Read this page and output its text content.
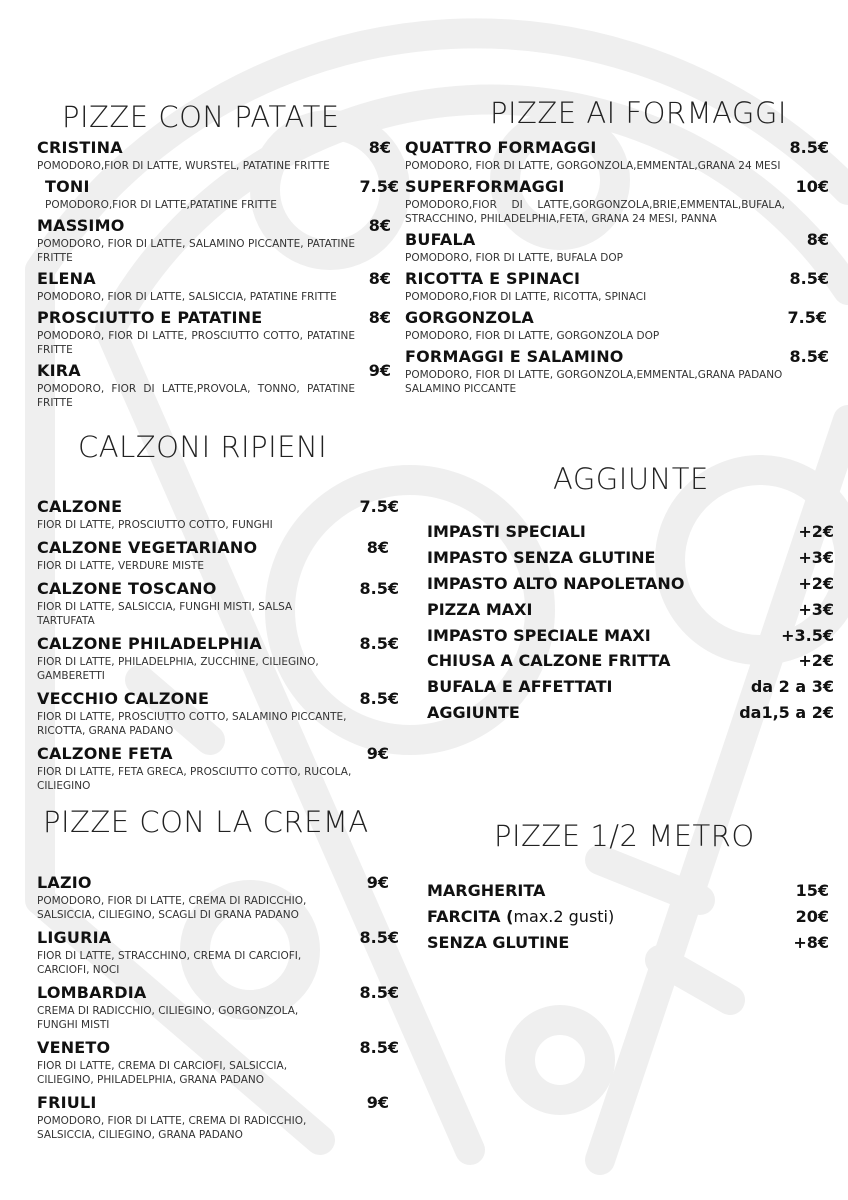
PIZZE CON PATATE
CRISTINA	8€
POMODORO,FIOR DI LATTE, WURSTEL, PATATINE FRITTE
TONI	7.5€
POMODORO,FIOR DI LATTE,PATATINE FRITTE
MASSIMO	8€
POMODORO, FIOR DI LATTE, SALAMINO PICCANTE, PATATINE FRITTE
ELENA	8€
POMODORO, FIOR DI LATTE, SALSICCIA, PATATINE FRITTE
PROSCIUTTO E PATATINE	8€
POMODORO, FIOR DI LATTE, PROSCIUTTO COTTO, PATATINE FRITTE
KIRA	9€
POMODORO, FIOR DI LATTE,PROVOLA, TONNO, PATATINE FRITTE
PIZZE AI FORMAGGI
QUATTRO FORMAGGI	8.5€
POMODORO, FIOR DI LATTE, GORGONZOLA,EMMENTAL,GRANA 24 MESI
SUPERFORMAGGI	10€
POMODORO,FIOR DI LATTE,GORGONZOLA,BRIE,EMMENTAL,BUFALA, STRACCHINO, PHILADELPHIA,FETA, GRANA 24 MESI, PANNA
BUFALA	8€
POMODORO, FIOR DI LATTE, BUFALA DOP
RICOTTA E SPINACI	8.5€
POMODORO,FIOR DI LATTE, RICOTTA, SPINACI
GORGONZOLA	7.5€
POMODORO, FIOR DI LATTE, GORGONZOLA DOP
FORMAGGI E SALAMINO	8.5€
POMODORO, FIOR DI LATTE, GORGONZOLA,EMMENTAL,GRANA PADANO SALAMINO PICCANTE
CALZONI RIPIENI
CALZONE	7.5€
FIOR DI LATTE, PROSCIUTTO COTTO, FUNGHI
CALZONE VEGETARIANO	8€
FIOR DI LATTE, VERDURE MISTE
CALZONE TOSCANO	8.5€
FIOR DI LATTE, SALSICCIA, FUNGHI MISTI, SALSA TARTUFATA
CALZONE PHILADELPHIA	8.5€
FIOR DI LATTE, PHILADELPHIA, ZUCCHINE, CILIEGINO, GAMBERETTI
VECCHIO CALZONE	8.5€
FIOR DI LATTE, PROSCIUTTO COTTO, SALAMINO PICCANTE, RICOTTA, GRANA PADANO
CALZONE FETA	9€
FIOR DI LATTE, FETA GRECA, PROSCIUTTO COTTO, RUCOLA, CILIEGINO
AGGIUNTE
IMPASTI SPECIALI	+2€
IMPASTO SENZA GLUTINE	+3€
IMPASTO ALTO NAPOLETANO	+2€
PIZZA MAXI	+3€
IMPASTO SPECIALE MAXI	+3.5€
CHIUSA A CALZONE FRITTA	+2€
BUFALA E AFFETTATI	da 2 a 3€
AGGIUNTE	da1,5 a 2€
PIZZE CON LA CREMA
LAZIO	9€
POMODORO, FIOR DI LATTE, CREMA DI RADICCHIO, SALSICCIA, CILIEGINO, SCAGLI DI GRANA PADANO
LIGURIA	8.5€
FIOR DI LATTE, STRACCHINO, CREMA DI CARCIOFI, CARCIOFI, NOCI
LOMBARDIA	8.5€
CREMA DI RADICCHIO, CILIEGINO, GORGONZOLA, FUNGHI MISTI
VENETO	8.5€
FIOR DI LATTE, CREMA DI CARCIOFI, SALSICCIA, CILIEGINO, PHILADELPHIA, GRANA PADANO
FRIULI	9€
POMODORO, FIOR DI LATTE, CREMA DI RADICCHIO, SALSICCIA, CILIEGINO, GRANA PADANO
PIZZE 1/2 METRO
MARGHERITA	15€
FARCITA (max.2 gusti)	20€
SENZA GLUTINE	+8€
